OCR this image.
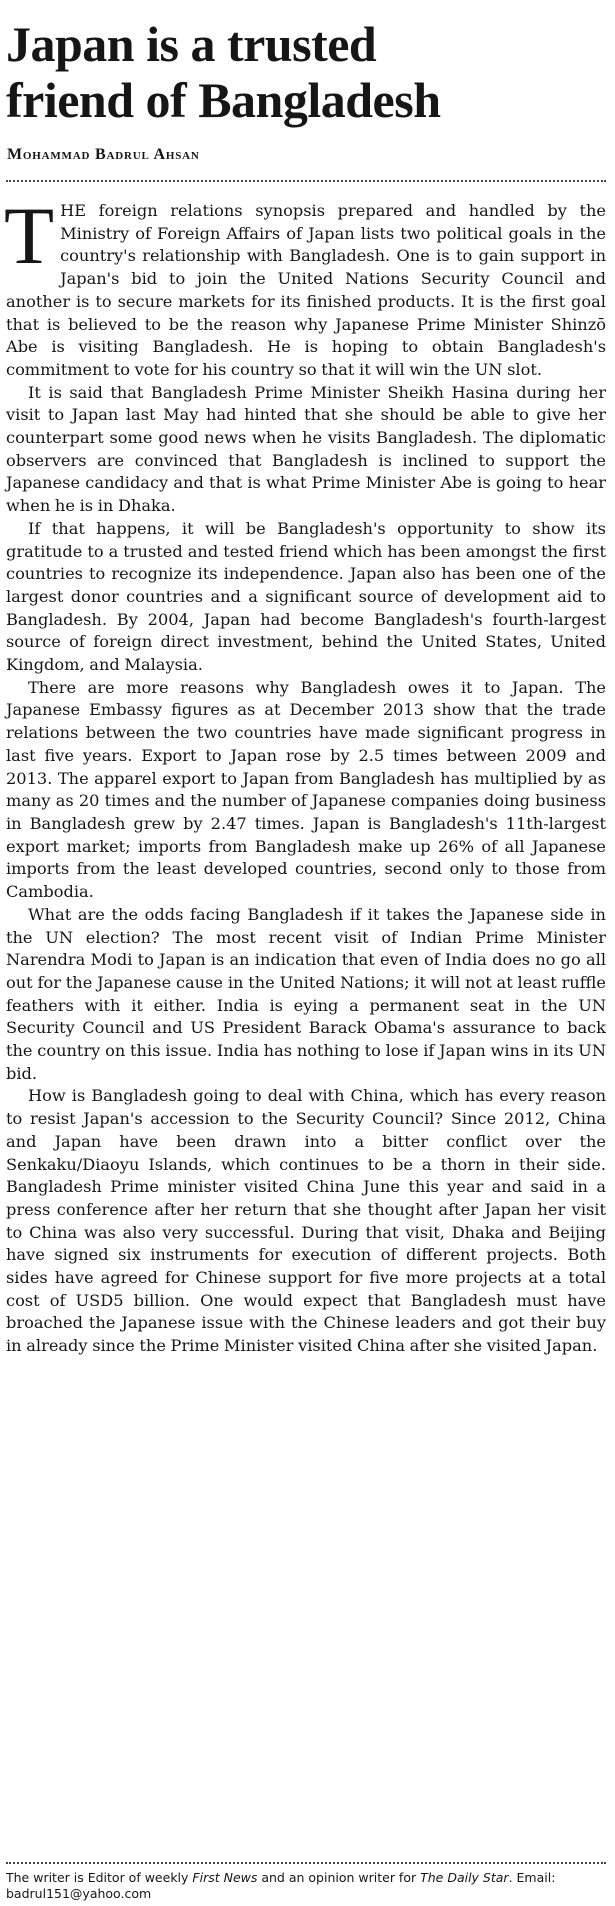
Japan is a trusted
friend of Bangladesh
Mohammad Badrul Ahsan

THE foreign relations synopsis prepared and handled by the Ministry of Foreign Affairs of Japan lists two political goals in the country's relationship with Bangladesh. One is to gain support in Japan's bid to join the United Nations Security Council and another is to secure markets for its finished products. It is the first goal that is believed to be the reason why Japanese Prime Minister Shinzō Abe is visiting Bangladesh. He is hoping to obtain Bangladesh's commitment to vote for his country so that it will win the UN slot.

It is said that Bangladesh Prime Minister Sheikh Hasina during her visit to Japan last May had hinted that she should be able to give her counterpart some good news when he visits Bangladesh. The diplomatic observers are convinced that Bangladesh is inclined to support the Japanese candidacy and that is what Prime Minister Abe is going to hear when he is in Dhaka.

If that happens, it will be Bangladesh's opportunity to show its gratitude to a trusted and tested friend which has been amongst the first countries to recognize its independence. Japan also has been one of the largest donor countries and a significant source of development aid to Bangladesh. By 2004, Japan had become Bangladesh's fourth-largest source of foreign direct investment, behind the United States, United Kingdom, and Malaysia.

There are more reasons why Bangladesh owes it to Japan. The Japanese Embassy figures as at December 2013 show that the trade relations between the two countries have made significant progress in last five years. Export to Japan rose by 2.5 times between 2009 and 2013. The apparel export to Japan from Bangladesh has multiplied by as many as 20 times and the number of Japanese companies doing business in Bangladesh grew by 2.47 times. Japan is Bangladesh's 11th-largest export market; imports from Bangladesh make up 26% of all Japanese imports from the least developed countries, second only to those from Cambodia.

What are the odds facing Bangladesh if it takes the Japanese side in the UN election? The most recent visit of Indian Prime Minister Narendra Modi to Japan is an indication that even of India does no go all out for the Japanese cause in the United Nations; it will not at least ruffle feathers with it either. India is eying a permanent seat in the UN Security Council and US President Barack Obama's assurance to back the country on this issue. India has nothing to lose if Japan wins in its UN bid.

How is Bangladesh going to deal with China, which has every reason to resist Japan's accession to the Security Council? Since 2012, China and Japan have been drawn into a bitter conflict over the Senkaku/Diaoyu Islands, which continues to be a thorn in their side. Bangladesh Prime minister visited China June this year and said in a press conference after her return that she thought after Japan her visit to China was also very successful. During that visit, Dhaka and Beijing have signed six instruments for execution of different projects. Both sides have agreed for Chinese support for five more projects at a total cost of USD5 billion. One would expect that Bangladesh must have broached the Japanese issue with the Chinese leaders and got their buy in already since the Prime Minister visited China after she visited Japan.

The writer is Editor of weekly First News and an opinion writer for The Daily Star. Email: badrul151@yahoo.com
